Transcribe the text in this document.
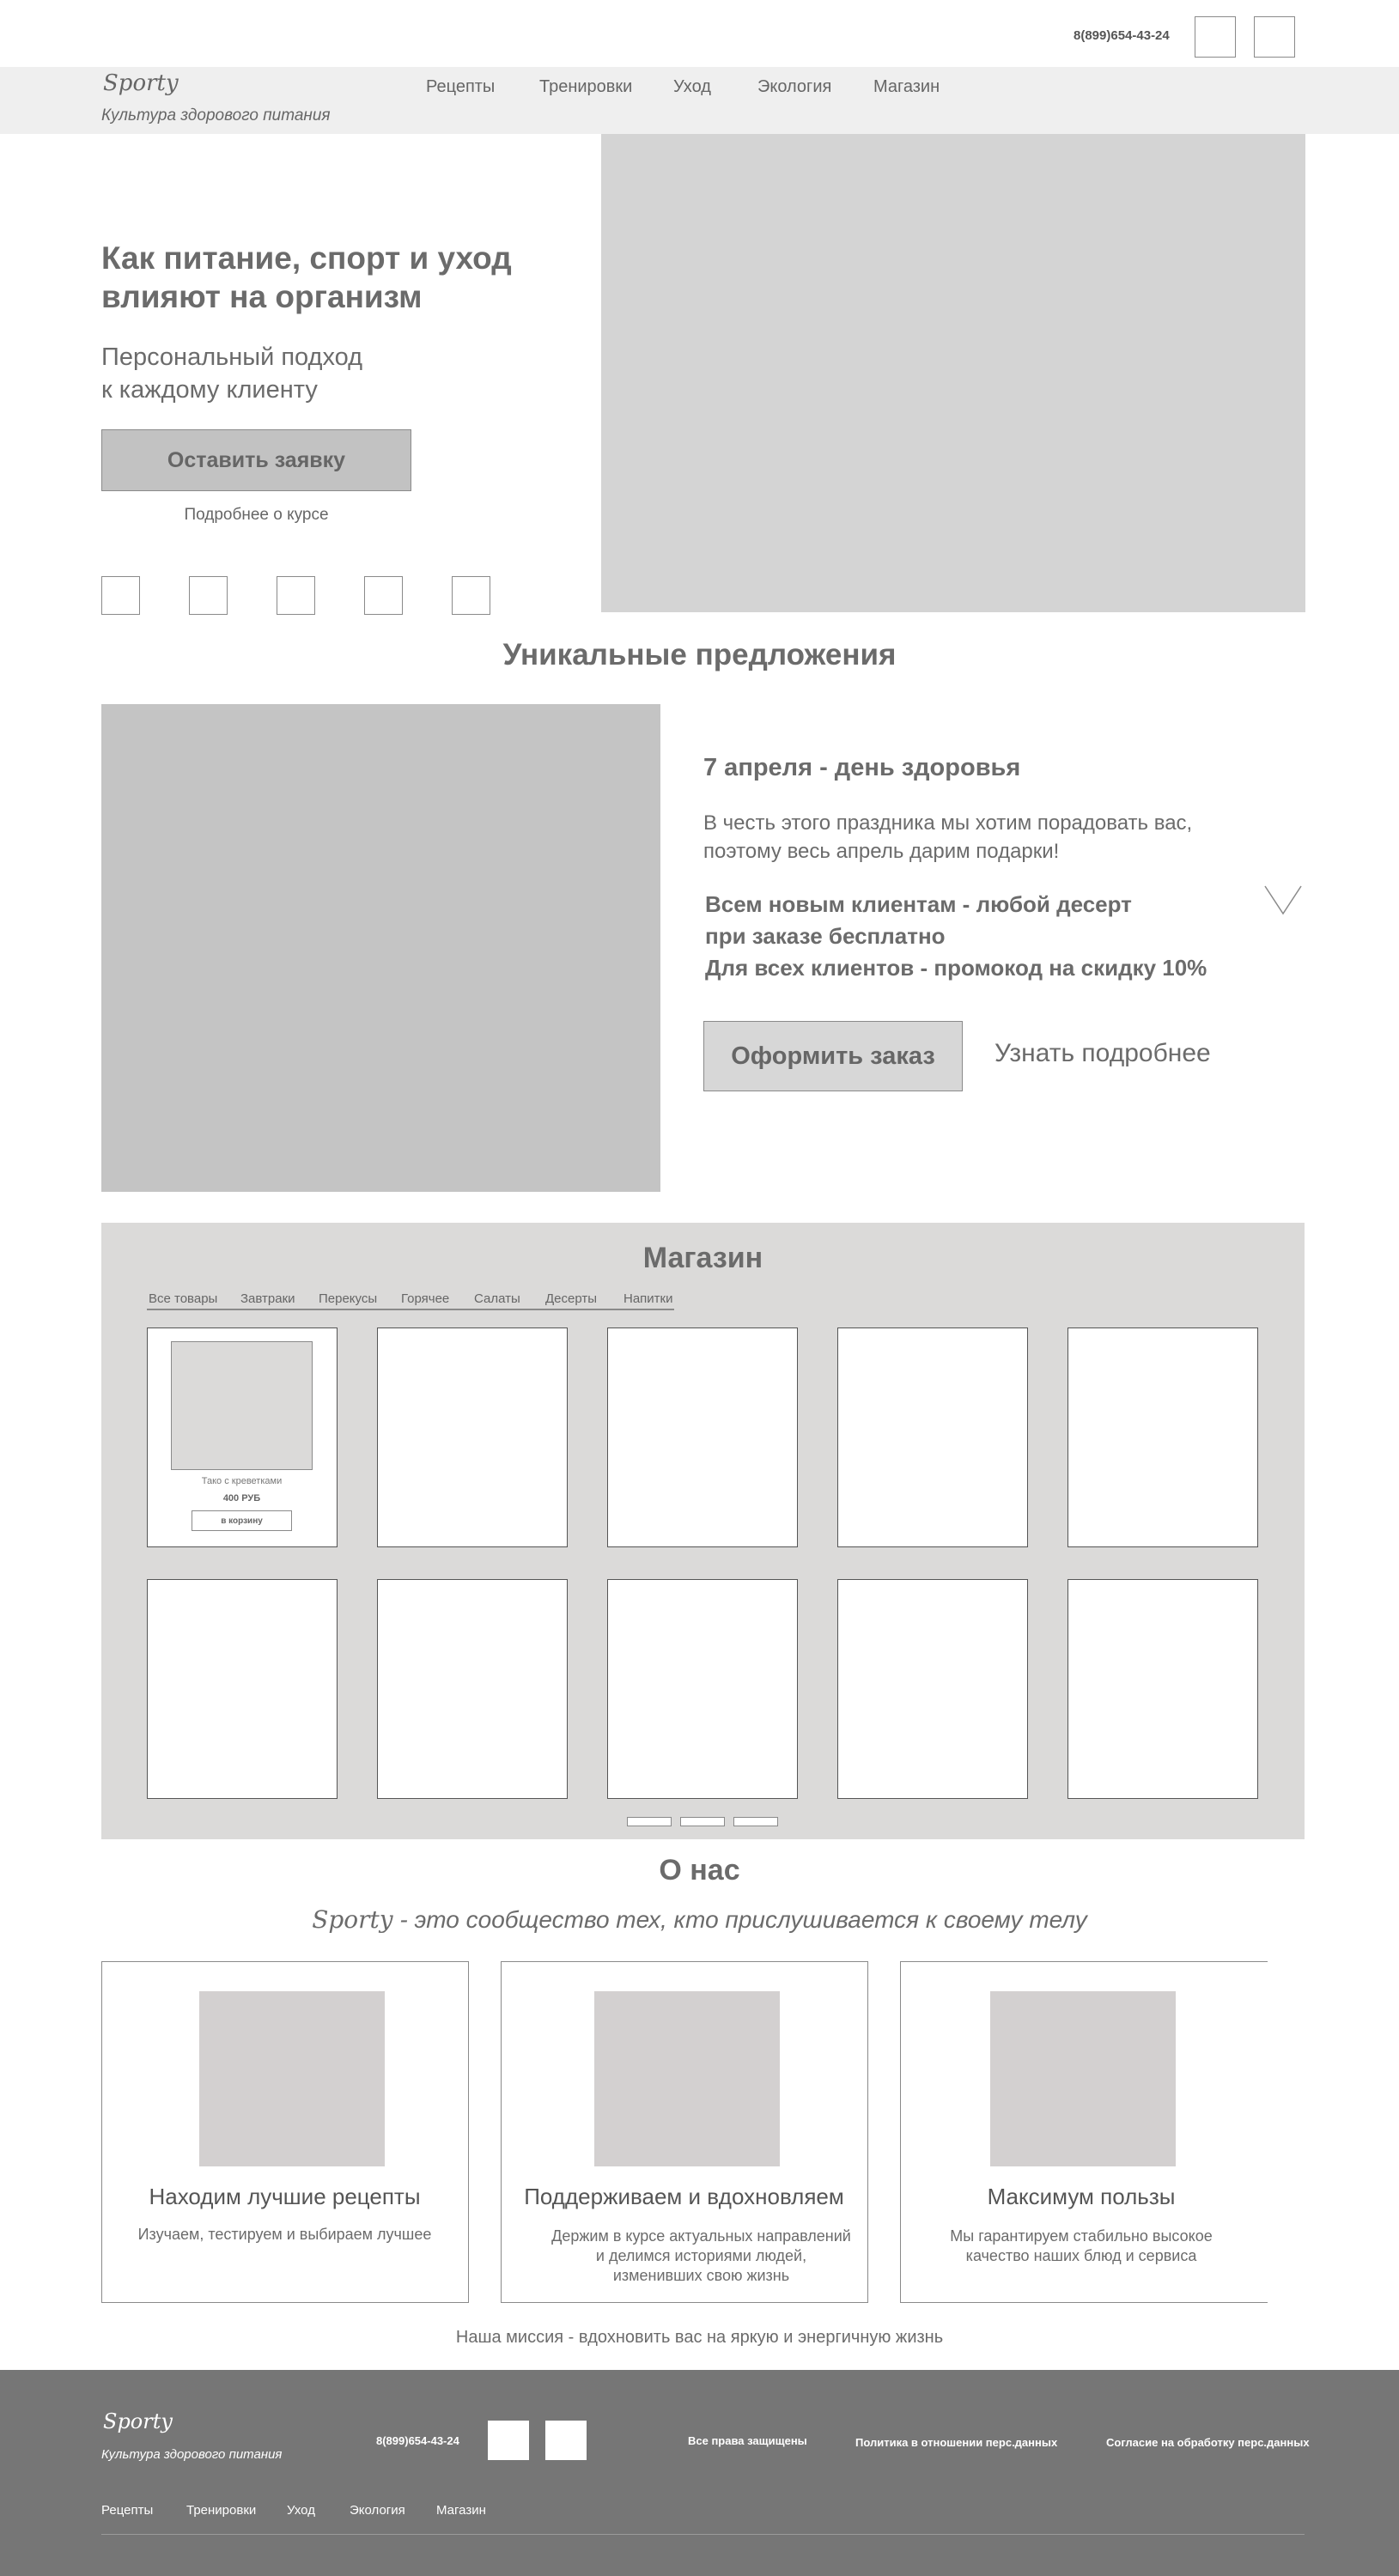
8(899)654-43-24
Sporty
Культура здорового питания
Рецепты	Тренировки Уход	Экология Магазин
Как питание, спорт и уход
влияют на организм
Персональный подход
к каждому клиенту
Оставить заявку
Подробнее о курсе
Уникальные предложения
7 апреля - день здоровья
В честь этого праздника мы хотим порадовать вас,
поэтому весь апрель дарим подарки!
Всем новым клиентам - любой десерт
при заказе бесплатно
Для всех клиентов - промокод на скидку 10%
Оформить заказ	Узнать подробнее
Магазин
Все товары Завтраки Перекусы Горячее Салаты Десерты Напитки
Тако с креветками
400 РУБ
в корзину
О нас
Sporty - это сообщество тех, кто прислушивается к своему телу
Находим лучшие рецепты
Изучаем, тестируем и выбираем лучшее
Поддерживаем и вдохновляем
Держим в курсе актуальных направлений
и делимся историями людей,
изменивших свою жизнь
Максимум пользы
Мы гарантируем стабильно высокое
качество наших блюд и сервиса
Наша миссия - вдохновить вас на яркую и энергичную жизнь
Sporty
Культура здорового питания
8(899)654-43-24	Все права защищены	Политика в отношении перс.данных	Согласие на обработку перс.данных
Рецепты	Тренировки Уход	Экология Магазин
